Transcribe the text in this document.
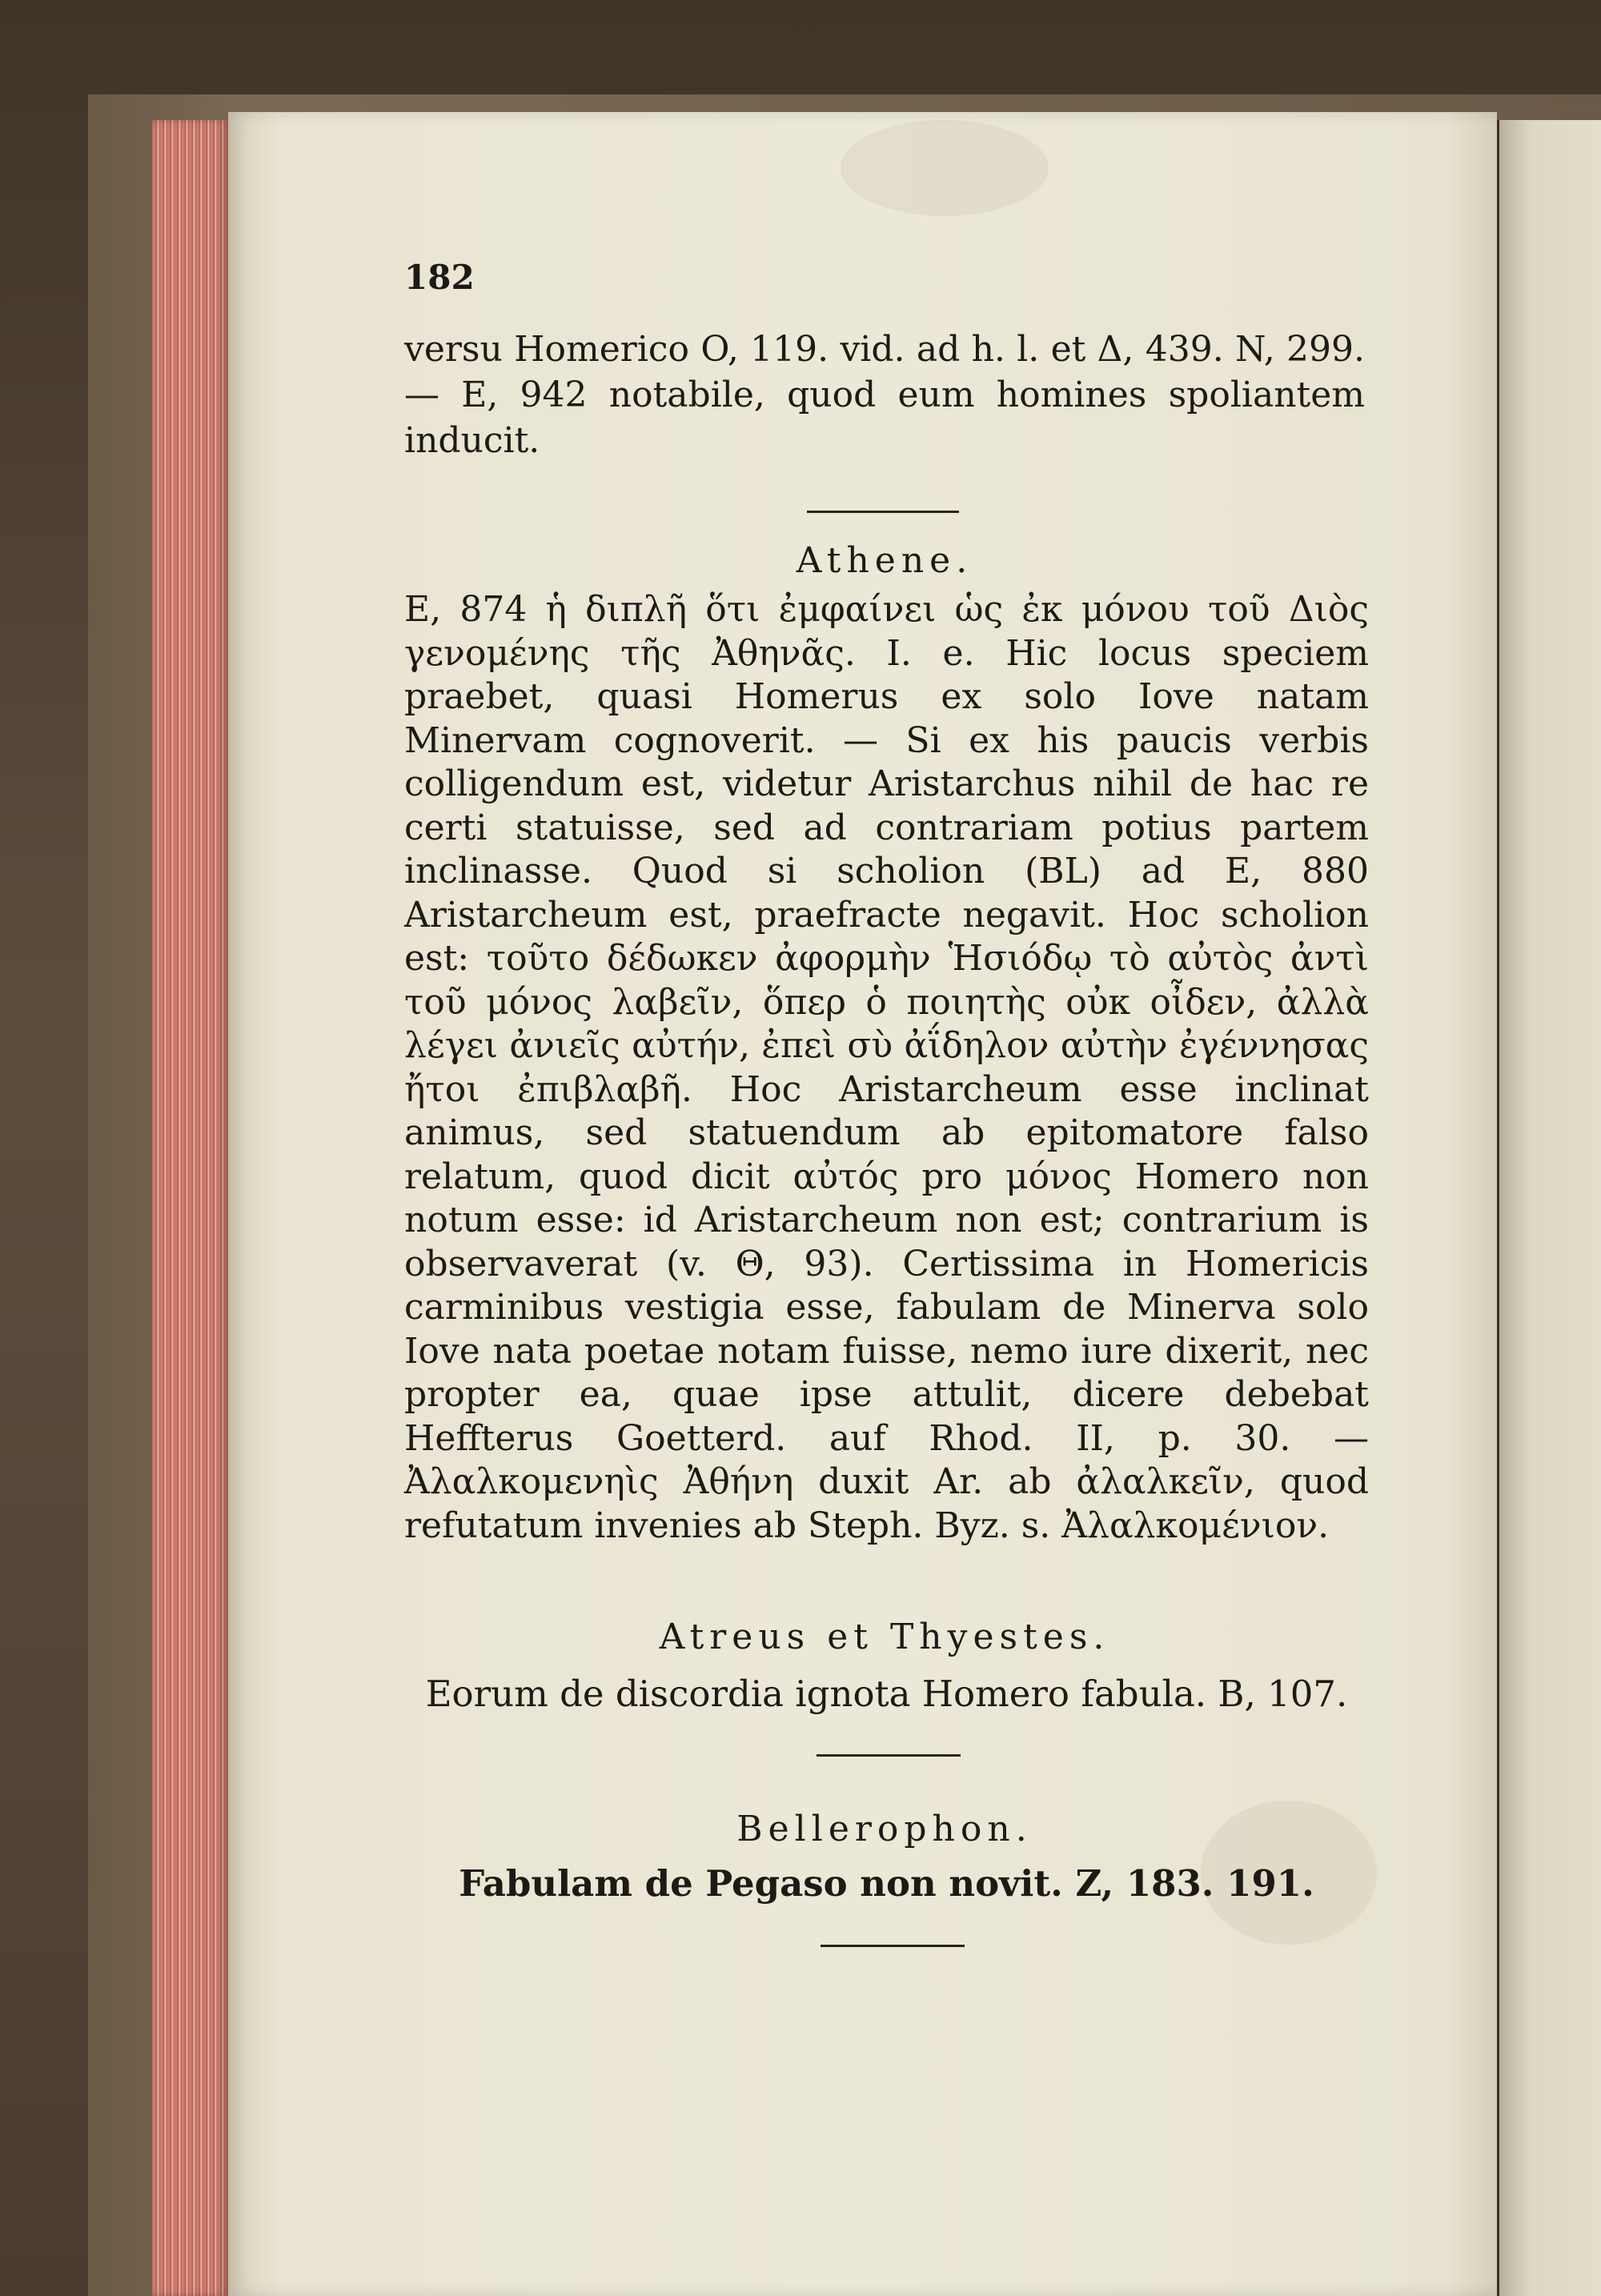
182

versu Homerico O, 119. vid. ad h. l. et Δ, 439. N, 299. — E, 942 notabile, quod eum homines spoliantem inducit.

Athene.

E, 874 ἡ διπλῆ ὅτι ἐμφαίνει ὡς ἐκ μόνου τοῦ Διὸς γενομένης τῆς Ἀθηνᾶς. I. e. Hic locus speciem praebet, quasi Homerus ex solo Iove natam Minervam cognoverit. — Si ex his paucis verbis colligendum est, videtur Aristarchus nihil de hac re certi statuisse, sed ad contrariam potius partem inclinasse. Quod si scholion (BL) ad E, 880 Aristarcheum est, praefracte negavit. Hoc scholion est: τοῦτο δέδωκεν ἀφορμὴν Ἡσιόδῳ τὸ αὐτὸς ἀντὶ τοῦ μόνος λαβεῖν, ὅπερ ὁ ποιητὴς οὐκ οἶδεν, ἀλλὰ λέγει ἀνιεῖς αὐτήν, ἐπεὶ σὺ ἀΐδηλον αὐτὴν ἐγέννησας ἤτοι ἐπιβλαβῆ. Hoc Aristarcheum esse inclinat animus, sed statuendum ab epitomatore falso relatum, quod dicit αὐτός pro μόνος Homero non notum esse: id Aristarcheum non est; contrarium is observaverat (v. Θ, 93). Certissima in Homericis carminibus vestigia esse, fabulam de Minerva solo Iove nata poetae notam fuisse, nemo iure dixerit, nec propter ea, quae ipse attulit, dicere debebat Heffterus Goetterd. auf Rhod. II, p. 30. — Ἀλαλκομενηὶς Ἀθήνη duxit Ar. ab ἀλαλκεῖν, quod refutatum invenies ab Steph. Byz. s. Ἀλαλκομένιον.

Atreus et Thyestes.
Eorum de discordia ignota Homero fabula. B, 107.
Bellerophon.
Fabulam de Pegaso non novit. Z, 183. 191.
